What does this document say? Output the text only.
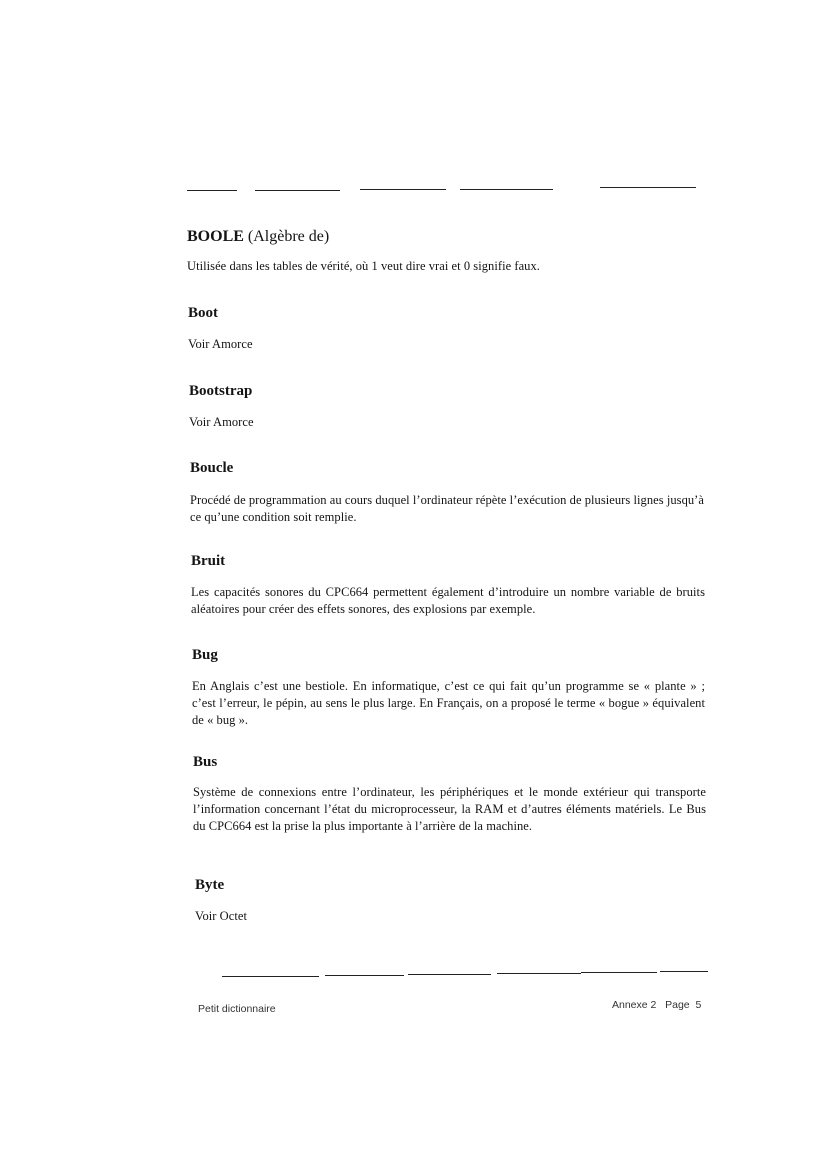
BOOLE (Algèbre de)

Utilisée dans les tables de vérité, où 1 veut dire vrai et 0 signifie faux.

Boot

Voir Amorce

Bootstrap

Voir Amorce

Boucle

Procédé de programmation au cours duquel l’ordinateur répète l’exécution de plusieurs lignes jusqu’à ce qu’une condition soit remplie.

Bruit

Les capacités sonores du CPC664 permettent également d’introduire un nombre variable de bruits aléatoires pour créer des effets sonores, des explosions par exemple.

Bug

En Anglais c’est une bestiole. En informatique, c’est ce qui fait qu’un programme se « plante » ; c’est l’erreur, le pépin, au sens le plus large. En Français, on a proposé le terme « bogue » équivalent de « bug ».

Bus

Système de connexions entre l’ordinateur, les périphériques et le monde extérieur qui transporte l’information concernant l’état du microprocesseur, la RAM et d’autres éléments matériels. Le Bus du CPC664 est la prise la plus importante à l’arrière de la machine.

Byte

Voir Octet

Petit dictionnaire	Annexe 2   Page  5
